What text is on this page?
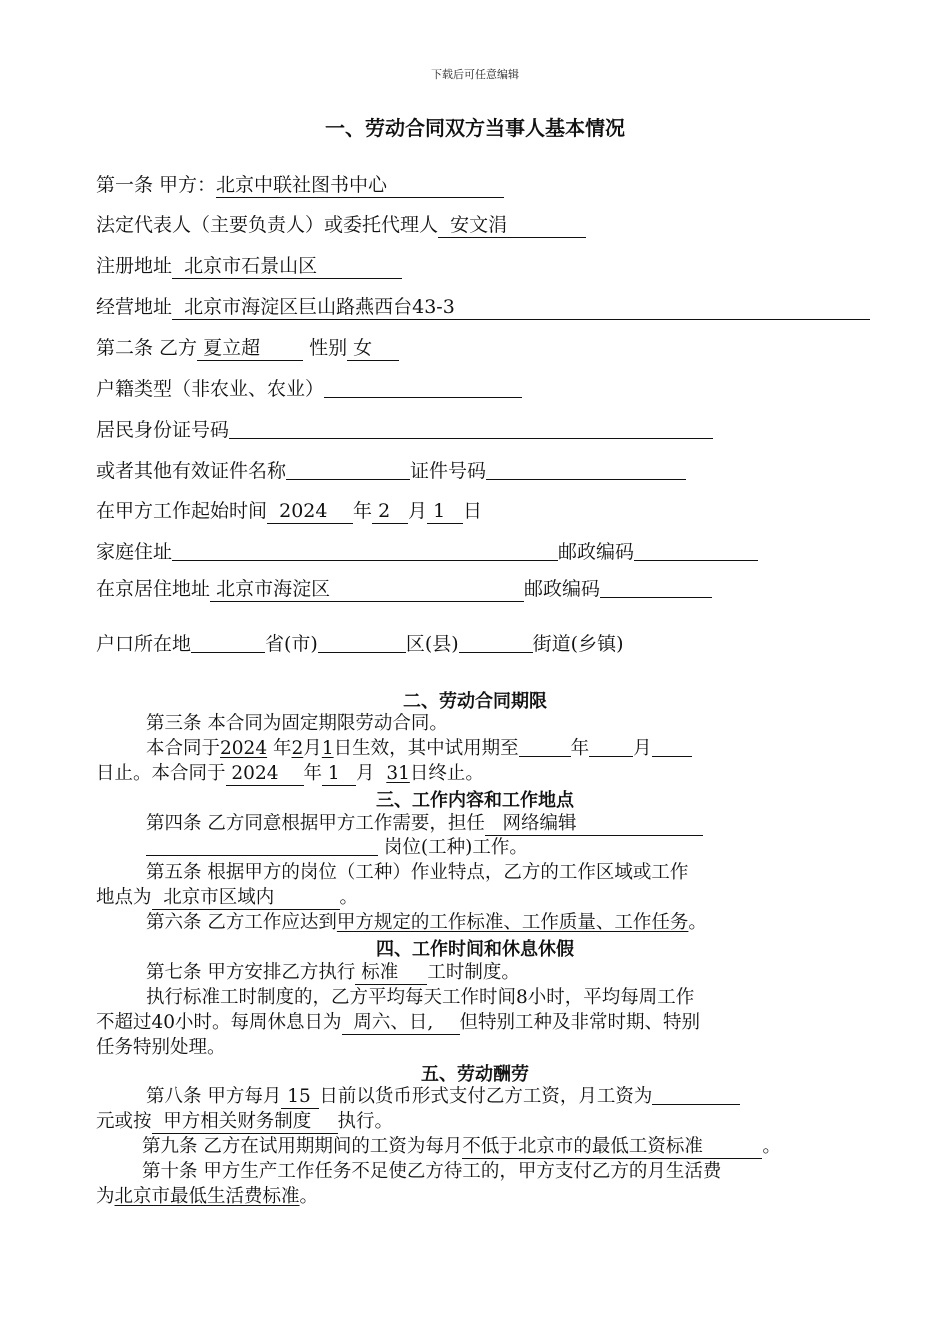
下载后可任意编辑
一、劳动合同双方当事人基本情况
第一条 甲方：北京中联社图书中心
法定代表人（主要负责人）或委托代理人 安文涓
注册地址 北京市石景山区
经营地址 北京市海淀区巨山路燕西台43-3
第二条 乙方 夏立超	性别 女
户籍类型（非农业、农业）
居民身份证号码
或者其他有效证件名称	证件号码
在甲方工作起始时间 2024 年 2 月 1 日
家庭住址	邮政编码
在京居住地址 北京市海淀区	邮政编码
户口所在地	省(市)	区(县)	街道(乡镇)
二、劳动合同期限
第三条 本合同为固定期限劳动合同。
本合同于2024 年2月1日生效，其中试用期至	年 月
日止。本合同于 2024 年 1 月 31日终止。
三、工作内容和工作地点
第四条 乙方同意根据甲方工作需要，担任 网络编辑
岗位(工种)工作。
第五条 根据甲方的岗位（工种）作业特点，乙方的工作区域或工作
地点为 北京市区域内	。
第六条 乙方工作应达到甲方规定的工作标准、工作质量、工作任务。
四、工作时间和休息休假
第七条 甲方安排乙方执行 标准 工时制度。
执行标准工时制度的，乙方平均每天工作时间8小时，平均每周工作
不超过40小时。每周休息日为 周六、日, 但特别工种及非常时期、特别
任务特别处理。
五、劳动酬劳
第八条 甲方每月 15 日前以货币形式支付乙方工资，月工资为
元或按 甲方相关财务制度 执行。
第九条 乙方在试用期期间的工资为每月不低于北京市的最低工资标准	。
第十条 甲方生产工作任务不足使乙方待工的，甲方支付乙方的月生活费
为北京市最低生活费标准。
